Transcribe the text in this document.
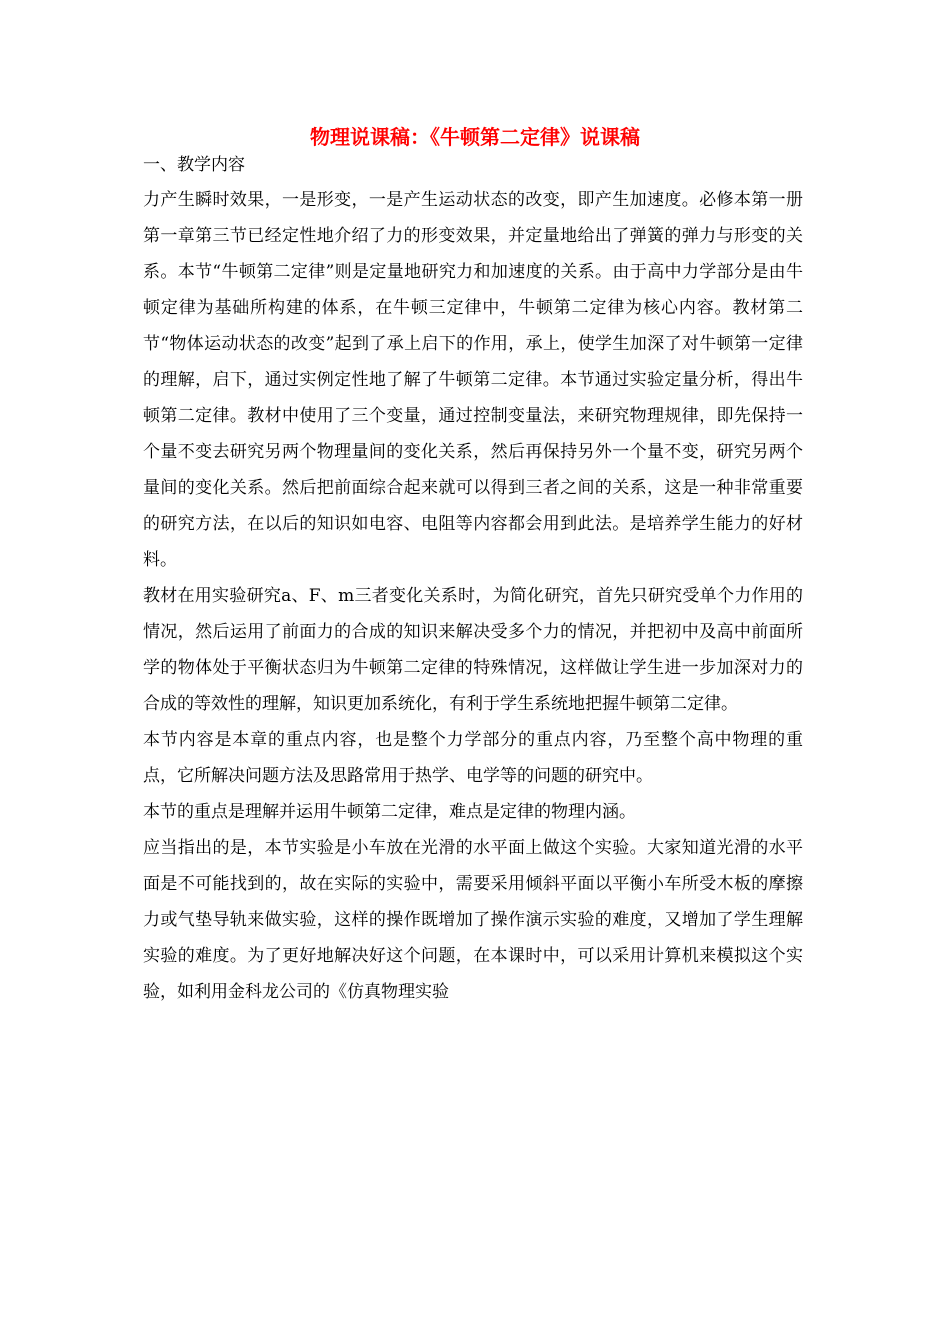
物理说课稿：《牛顿第二定律》说课稿
一、教学内容

力产生瞬时效果，一是形变，一是产生运动状态的改变，即产生加速度。必修本第一册第一章第三节已经定性地介绍了力的形变效果，并定量地给出了弹簧的弹力与形变的关系。本节“牛顿第二定律”则是定量地研究力和加速度的关系。由于高中力学部分是由牛顿定律为基础所构建的体系，在牛顿三定律中，牛顿第二定律为核心内容。教材第二节“物体运动状态的改变”起到了承上启下的作用，承上，使学生加深了对牛顿第一定律的理解，启下，通过实例定性地了解了牛顿第二定律。本节通过实验定量分析，得出牛顿第二定律。教材中使用了三个变量，通过控制变量法，来研究物理规律，即先保持一个量不变去研究另两个物理量间的变化关系，然后再保持另外一个量不变，研究另两个量间的变化关系。然后把前面综合起来就可以得到三者之间的关系，这是一种非常重要的研究方法，在以后的知识如电容、电阻等内容都会用到此法。是培养学生能力的好材料。

教材在用实验研究a、F、m三者变化关系时，为简化研究，首先只研究受单个力作用的情况，然后运用了前面力的合成的知识来解决受多个力的情况，并把初中及高中前面所学的物体处于平衡状态归为牛顿第二定律的特殊情况，这样做让学生进一步加深对力的合成的等效性的理解，知识更加系统化，有利于学生系统地把握牛顿第二定律。

本节内容是本章的重点内容，也是整个力学部分的重点内容，乃至整个高中物理的重点，它所解决问题方法及思路常用于热学、电学等的问题的研究中。

本节的重点是理解并运用牛顿第二定律，难点是定律的物理内涵。

应当指出的是，本节实验是小车放在光滑的水平面上做这个实验。大家知道光滑的水平面是不可能找到的，故在实际的实验中，需要采用倾斜平面以平衡小车所受木板的摩擦力或气垫导轨来做实验，这样的操作既增加了操作演示实验的难度，又增加了学生理解实验的难度。为了更好地解决好这个问题，在本课时中，可以采用计算机来模拟这个实验，如利用金科龙公司的《仿真物理实验
